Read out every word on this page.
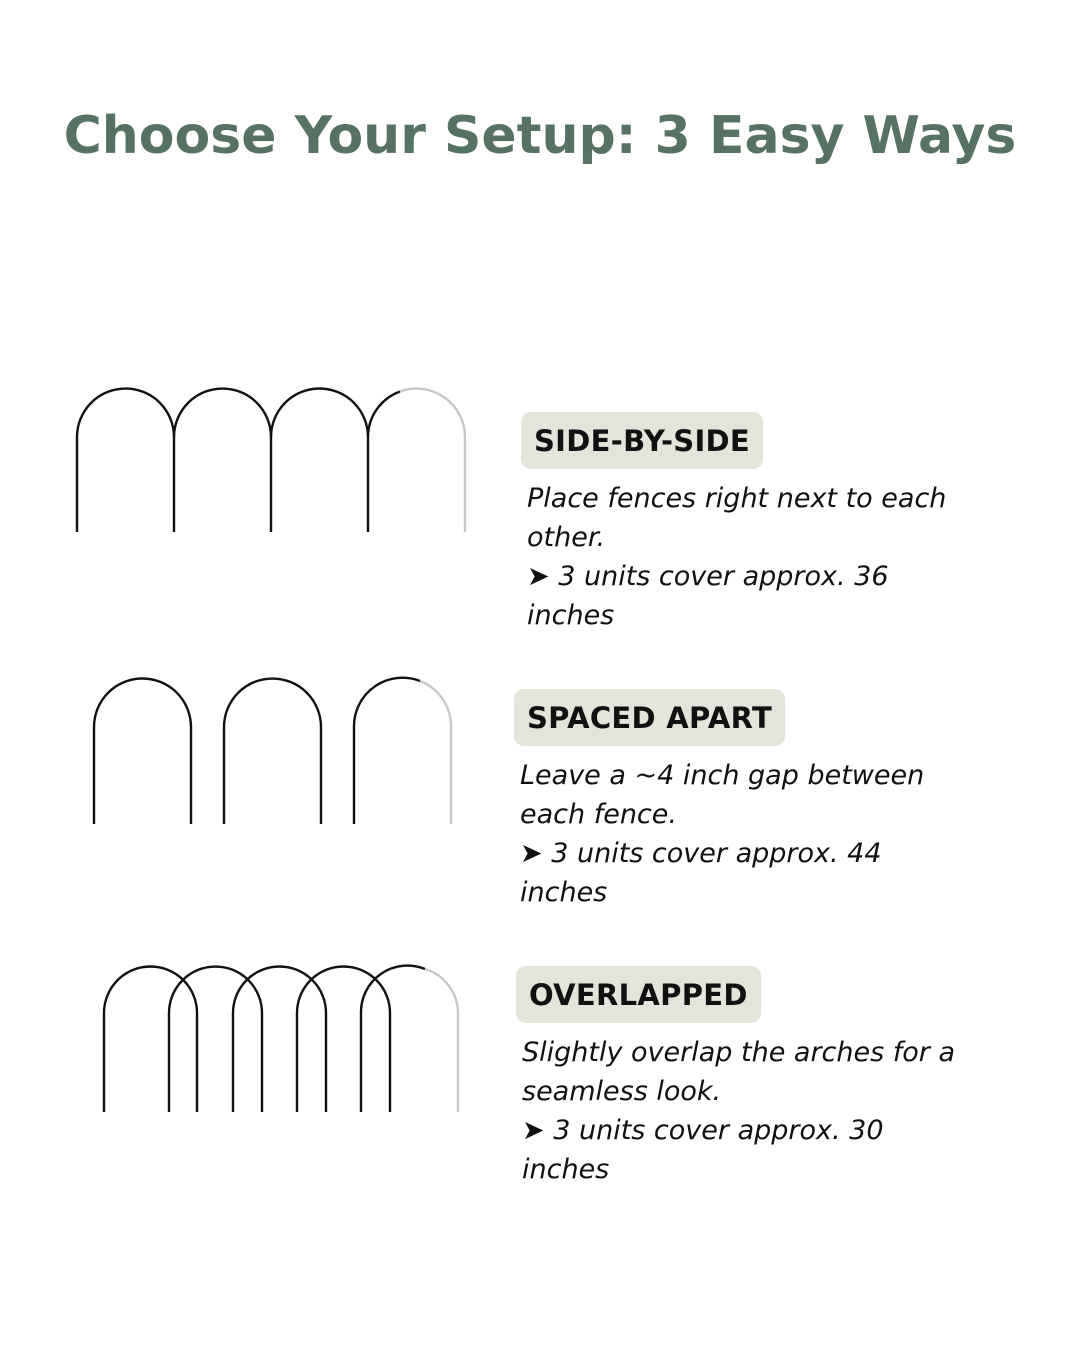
Choose Your Setup: 3 Easy Ways
SIDE-BY-SIDE
Place fences right next to each other.
➤ 3 units cover approx. 36 inches
SPACED APART
Leave a ~4 inch gap between each fence.
➤ 3 units cover approx. 44 inches
OVERLAPPED
Slightly overlap the arches for a seamless look.
➤ 3 units cover approx. 30 inches
